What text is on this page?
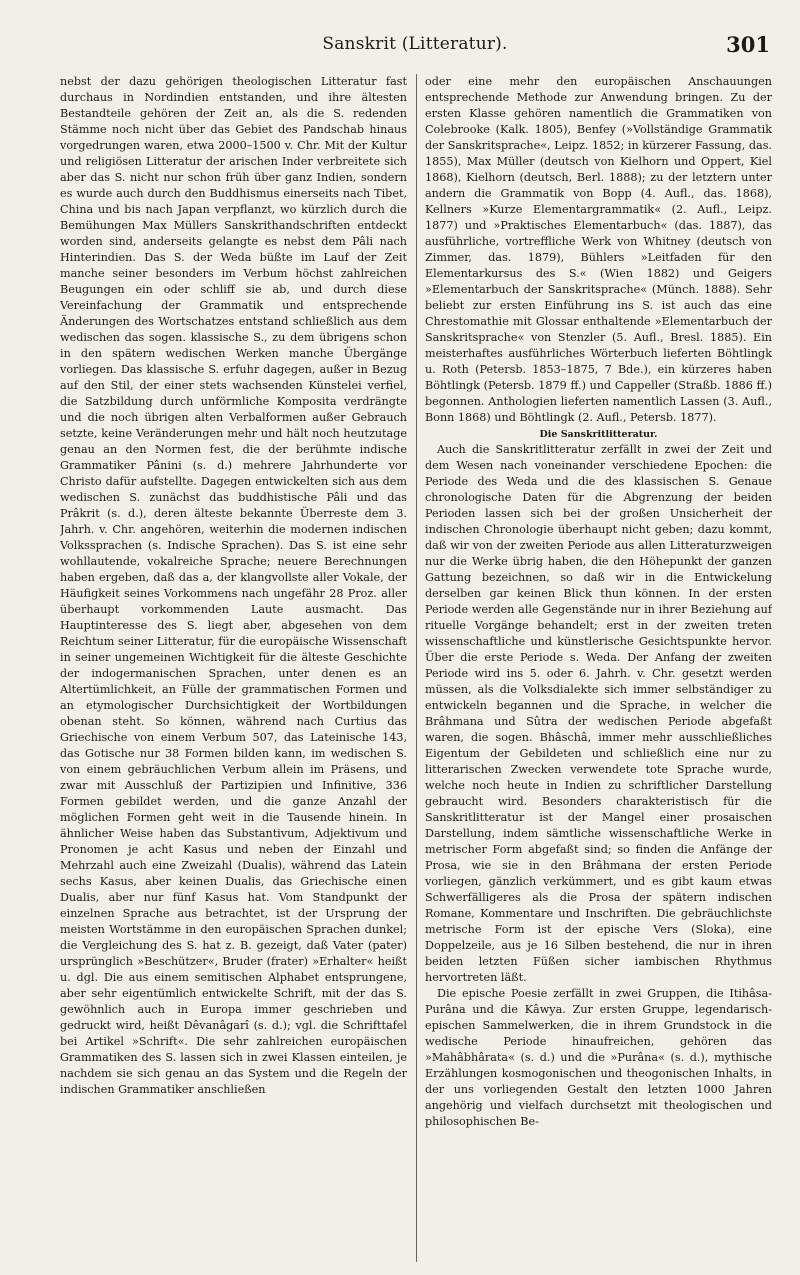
Sanskrit (Litteratur).	301

nebst der dazu gehörigen theologischen Litteratur fast durchaus in Nordindien entstanden, und ihre ältesten Bestandteile gehören der Zeit an, als die S. redenden Stämme noch nicht über das Gebiet des Pandschab hinaus vorgedrungen waren, etwa 2000–1500 v. Chr. Mit der Kultur und religiösen Litteratur der arischen Inder verbreitete sich aber das S. nicht nur schon früh über ganz Indien, sondern es wurde auch durch den Buddhismus einerseits nach Tibet, China und bis nach Japan verpflanzt, wo kürzlich durch die Bemühungen Max Müllers Sanskrithandschriften entdeckt worden sind, anderseits gelangte es nebst dem Pâli nach Hinterindien. Das S. der Weda büßte im Lauf der Zeit manche seiner besonders im Verbum höchst zahlreichen Beugungen ein oder schliff sie ab, und durch diese Vereinfachung der Grammatik und entsprechende Änderungen des Wortschatzes entstand schließlich aus dem wedischen das sogen. klassische S., zu dem übrigens schon in den spätern wedischen Werken manche Übergänge vorliegen. Das klassische S. erfuhr dagegen, außer in Bezug auf den Stil, der einer stets wachsenden Künstelei verfiel, die Satzbildung durch unförmliche Komposita verdrängte und die noch übrigen alten Verbalformen außer Gebrauch setzte, keine Veränderungen mehr und hält noch heutzutage genau an den Normen fest, die der berühmte indische Grammatiker Pânini (s. d.) mehrere Jahrhunderte vor Christo dafür aufstellte. Dagegen entwickelten sich aus dem wedischen S. zunächst das buddhistische Pâli und das Prâkrit (s. d.), deren älteste bekannte Überreste dem 3. Jahrh. v. Chr. angehören, weiterhin die modernen indischen Volkssprachen (s. Indische Sprachen). Das S. ist eine sehr wohllautende, vokalreiche Sprache; neuere Berechnungen haben ergeben, daß das a, der klangvollste aller Vokale, der Häufigkeit seines Vorkommens nach ungefähr 28 Proz. aller überhaupt vorkommenden Laute ausmacht. Das Hauptinteresse des S. liegt aber, abgesehen von dem Reichtum seiner Litteratur, für die europäische Wissenschaft in seiner ungemeinen Wichtigkeit für die älteste Geschichte der indogermanischen Sprachen, unter denen es an Altertümlichkeit, an Fülle der grammatischen Formen und an etymologischer Durchsichtigkeit der Wortbildungen obenan steht. So können, während nach Curtius das Griechische von einem Verbum 507, das Lateinische 143, das Gotische nur 38 Formen bilden kann, im wedischen S. von einem gebräuchlichen Verbum allein im Präsens, und zwar mit Ausschluß der Partizipien und Infinitive, 336 Formen gebildet werden, und die ganze Anzahl der möglichen Formen geht weit in die Tausende hinein. In ähnlicher Weise haben das Substantivum, Adjektivum und Pronomen je acht Kasus und neben der Einzahl und Mehrzahl auch eine Zweizahl (Dualis), während das Latein sechs Kasus, aber keinen Dualis, das Griechische einen Dualis, aber nur fünf Kasus hat. Vom Standpunkt der einzelnen Sprache aus betrachtet, ist der Ursprung der meisten Wortstämme in den europäischen Sprachen dunkel; die Vergleichung des S. hat z. B. gezeigt, daß Vater (pater) ursprünglich »Beschützer«, Bruder (frater) »Erhalter« heißt u. dgl. Die aus einem semitischen Alphabet entsprungene, aber sehr eigentümlich entwickelte Schrift, mit der das S. gewöhnlich auch in Europa immer geschrieben und gedruckt wird, heißt Dêvanâgarî (s. d.); vgl. die Schrifttafel bei Artikel »Schrift«. Die sehr zahlreichen europäischen Grammatiken des S. lassen sich in zwei Klassen einteilen, je nachdem sie sich genau an das System und die Regeln der indischen Grammatiker anschließen

oder eine mehr den europäischen Anschauungen entsprechende Methode zur Anwendung bringen. Zu der ersten Klasse gehören namentlich die Grammatiken von Colebrooke (Kalk. 1805), Benfey (»Vollständige Grammatik der Sanskritsprache«, Leipz. 1852; in kürzerer Fassung, das. 1855), Max Müller (deutsch von Kielhorn und Oppert, Kiel 1868), Kielhorn (deutsch, Berl. 1888); zu der letztern unter andern die Grammatik von Bopp (4. Aufl., das. 1868), Kellners »Kurze Elementargrammatik« (2. Aufl., Leipz. 1877) und »Praktisches Elementarbuch« (das. 1887), das ausführliche, vortreffliche Werk von Whitney (deutsch von Zimmer, das. 1879), Bühlers »Leitfaden für den Elementarkursus des S.« (Wien 1882) und Geigers »Elementarbuch der Sanskritsprache« (Münch. 1888). Sehr beliebt zur ersten Einführung ins S. ist auch das eine Chrestomathie mit Glossar enthaltende »Elementarbuch der Sanskritsprache« von Stenzler (5. Aufl., Bresl. 1885). Ein meisterhaftes ausführliches Wörterbuch lieferten Böhtlingk u. Roth (Petersb. 1853–1875, 7 Bde.), ein kürzeres haben Böhtlingk (Petersb. 1879 ff.) und Cappeller (Straßb. 1886 ff.) begonnen. Anthologien lieferten namentlich Lassen (3. Aufl., Bonn 1868) und Böhtlingk (2. Aufl., Petersb. 1877).

Die Sanskritlitteratur.

Auch die Sanskritlitteratur zerfällt in zwei der Zeit und dem Wesen nach voneinander verschiedene Epochen: die Periode des Weda und die des klassischen S. Genaue chronologische Daten für die Abgrenzung der beiden Perioden lassen sich bei der großen Unsicherheit der indischen Chronologie überhaupt nicht geben; dazu kommt, daß wir von der zweiten Periode aus allen Litteraturzweigen nur die Werke übrig haben, die den Höhepunkt der ganzen Gattung bezeichnen, so daß wir in die Entwickelung derselben gar keinen Blick thun können. In der ersten Periode werden alle Gegenstände nur in ihrer Beziehung auf rituelle Vorgänge behandelt; erst in der zweiten treten wissenschaftliche und künstlerische Gesichtspunkte hervor. Über die erste Periode s. Weda. Der Anfang der zweiten Periode wird ins 5. oder 6. Jahrh. v. Chr. gesetzt werden müssen, als die Volksdialekte sich immer selbständiger zu entwickeln begannen und die Sprache, in welcher die Brâhmana und Sûtra der wedischen Periode abgefaßt waren, die sogen. Bhâschâ, immer mehr ausschließliches Eigentum der Gebildeten und schließlich eine nur zu litterarischen Zwecken verwendete tote Sprache wurde, welche noch heute in Indien zu schriftlicher Darstellung gebraucht wird. Besonders charakteristisch für die Sanskritlitteratur ist der Mangel einer prosaischen Darstellung, indem sämtliche wissenschaftliche Werke in metrischer Form abgefaßt sind; so finden die Anfänge der Prosa, wie sie in den Brâhmana der ersten Periode vorliegen, gänzlich verkümmert, und es gibt kaum etwas Schwerfälligeres als die Prosa der spätern indischen Romane, Kommentare und Inschriften. Die gebräuchlichste metrische Form ist der epische Vers (Sloka), eine Doppelzeile, aus je 16 Silben bestehend, die nur in ihren beiden letzten Füßen sicher iambischen Rhythmus hervortreten läßt.

Die epische Poesie zerfällt in zwei Gruppen, die Itihâsa-Purâna und die Kâwya. Zur ersten Gruppe, legendarisch-epischen Sammelwerken, die in ihrem Grundstock in die wedische Periode hinaufreichen, gehören das »Mahâbhârata« (s. d.) und die »Purâna« (s. d.), mythische Erzählungen kosmogonischen und theogonischen Inhalts, in der uns vorliegenden Gestalt den letzten 1000 Jahren angehörig und vielfach durchsetzt mit theologischen und philosophischen Be-
